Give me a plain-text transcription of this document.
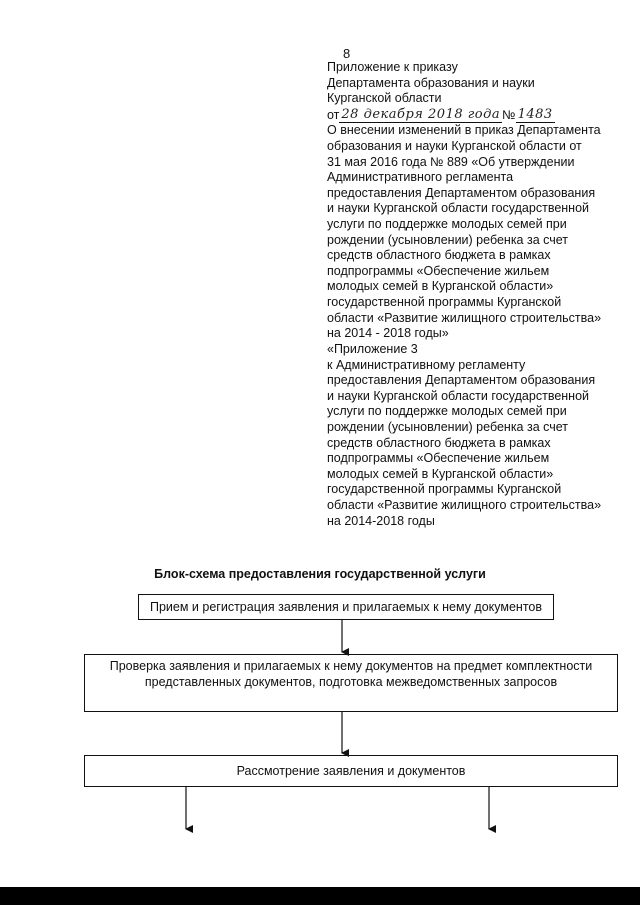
8
Приложение к приказу
Департамента образования и науки
Курганской области
от 28 декабря 2018 года № 1483
О внесении изменений в приказ Департамента
образования и науки Курганской области от
31 мая 2016 года № 889 «Об утверждении
Административного регламента
предоставления Департаментом образования
и науки Курганской области государственной
услуги по поддержке молодых семей при
рождении (усыновлении) ребенка за счет
средств областного бюджета в рамках
подпрограммы «Обеспечение жильем
молодых семей в Курганской области»
государственной программы Курганской
области «Развитие жилищного строительства»
на 2014 - 2018 годы»
«Приложение 3
к Административному регламенту
предоставления Департаментом образования
и науки Курганской области государственной
услуги по поддержке молодых семей при
рождении (усыновлении) ребенка за счет
средств областного бюджета в рамках
подпрограммы «Обеспечение жильем
молодых семей в Курганской области»
государственной программы Курганской
области «Развитие жилищного строительства»
на 2014-2018 годы
Блок-схема предоставления государственной услуги
Прием и регистрация заявления и прилагаемых к нему документов
Проверка заявления и прилагаемых к нему документов на предмет комплектности
представленных документов, подготовка межведомственных запросов
Рассмотрение заявления и документов
